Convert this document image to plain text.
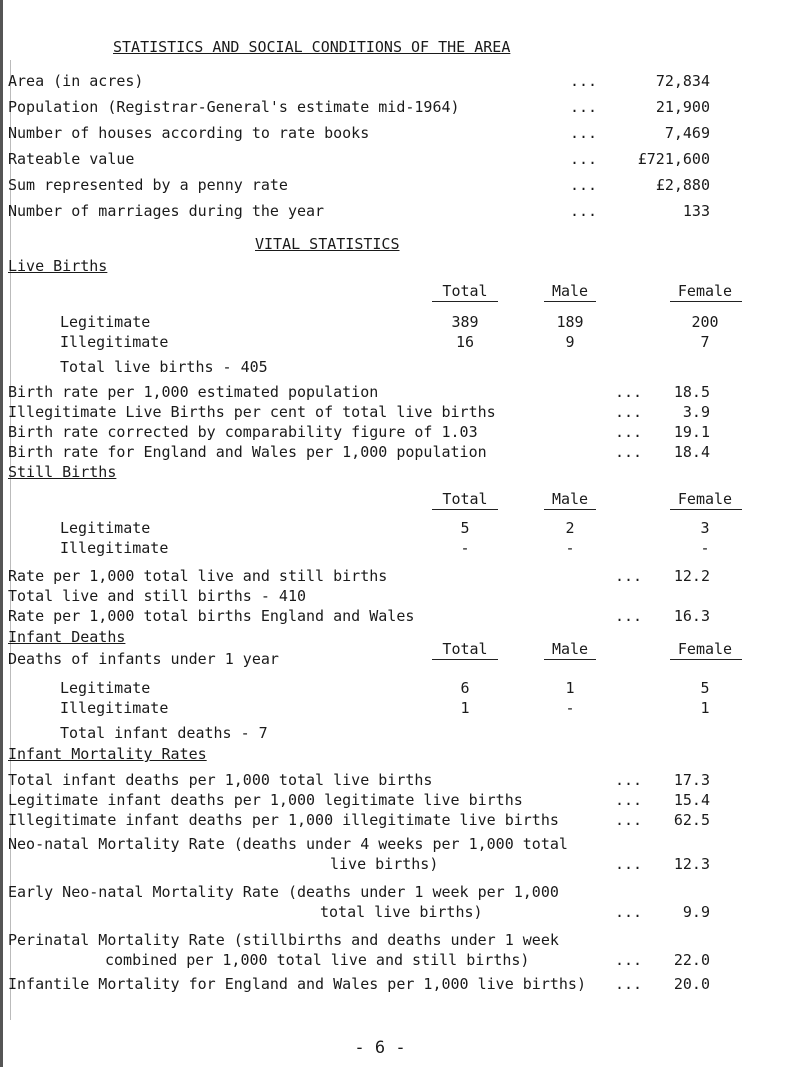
STATISTICS AND SOCIAL CONDITIONS OF THE AREA
Area (in acres)	...	72,834
Population (Registrar-General's estimate mid-1964)	...	21,900
Number of houses according to rate books	...	7,469
Rateable value	...	£721,600
Sum represented by a penny rate	...	£2,880
Number of marriages during the year	...	133
VITAL STATISTICS
Live Births
Total	Male	Female
Legitimate	389	189	200
Illegitimate	16	9	7
Total live births - 405
Birth rate per 1,000 estimated population	...	18.5
Illegitimate Live Births per cent of total live births	...	3.9
Birth rate corrected by comparability figure of 1.03	...	19.1
Birth rate for England and Wales per 1,000 population	...	18.4
Still Births
Total	Male	Female
Legitimate	5	2	3
Illegitimate	-	-	-
Rate per 1,000 total live and still births	...	12.2
Total live and still births - 410
Rate per 1,000 total births England and Wales	...	16.3
Infant Deaths
Deaths of infants under 1 year
Total	Male	Female
Legitimate	6	1	5
Illegitimate	1	-	1
Total infant deaths - 7
Infant Mortality Rates
Total infant deaths per 1,000 total live births	...	17.3
Legitimate infant deaths per 1,000 legitimate live births	...	15.4
Illegitimate infant deaths per 1,000 illegitimate live births	...	62.5
Neo-natal Mortality Rate (deaths under 4 weeks per 1,000 total
live births)	...	12.3
Early Neo-natal Mortality Rate (deaths under 1 week per 1,000
total live births)	...	9.9
Perinatal Mortality Rate (stillbirths and deaths under 1 week
combined per 1,000 total live and still births)	...	22.0
Infantile Mortality for England and Wales per 1,000 live births) ...	20.0
- 6 -
